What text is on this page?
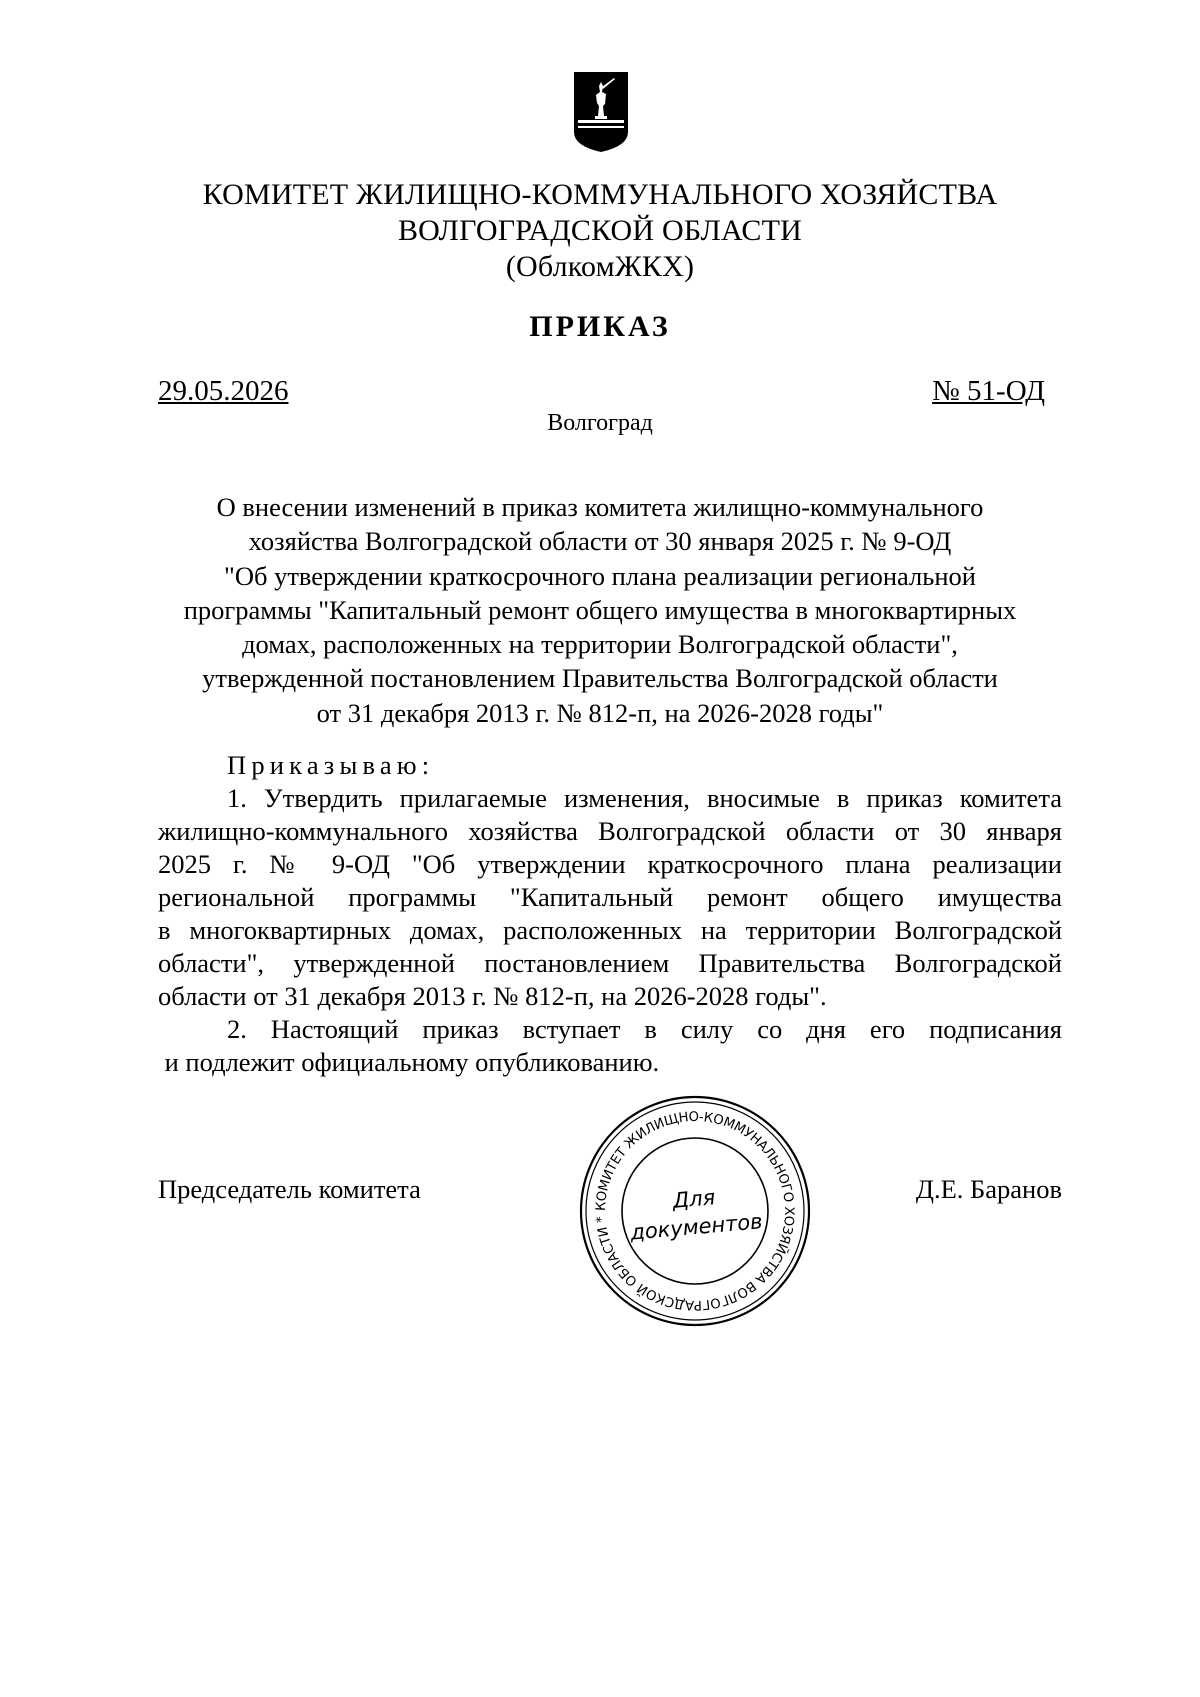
КОМИТЕТ ЖИЛИЩНО-КОММУНАЛЬНОГО ХОЗЯЙСТВА
ВОЛГОГРАДСКОЙ ОБЛАСТИ
(ОблкомЖКХ)
ПРИКАЗ
29.05.2026	№ 51-ОД
Волгоград
О внесении изменений в приказ комитета жилищно-коммунального
хозяйства Волгоградской области от 30 января 2025 г. № 9-ОД
"Об утверждении краткосрочного плана реализации региональной
программы "Капитальный ремонт общего имущества в многоквартирных
домах, расположенных на территории Волгоградской области",
утвержденной постановлением Правительства Волгоградской области
от 31 декабря 2013 г. № 812-п, на 2026-2028 годы"
Приказываю:
1. Утвердить прилагаемые изменения, вносимые в приказ комитета
жилищно-коммунального хозяйства Волгоградской области от 30 января
2025 г. № 9-ОД "Об утверждении краткосрочного плана реализации
региональной программы "Капитальный ремонт общего имущества
в многоквартирных домах, расположенных на территории Волгоградской
области", утвержденной постановлением Правительства Волгоградской
области от 31 декабря 2013 г. № 812-п, на 2026-2028 годы".
2. Настоящий приказ вступает в силу со дня его подписания
и подлежит официальному опубликованию.
Председатель комитета	Д.Е. Баранов
КОМИТЕТ ЖИЛИЩНО-КОММУНАЛЬНОГО ХОЗЯЙСТВА ВОЛГОГРАДСКОЙ ОБЛАСТИ *
Для
документов
